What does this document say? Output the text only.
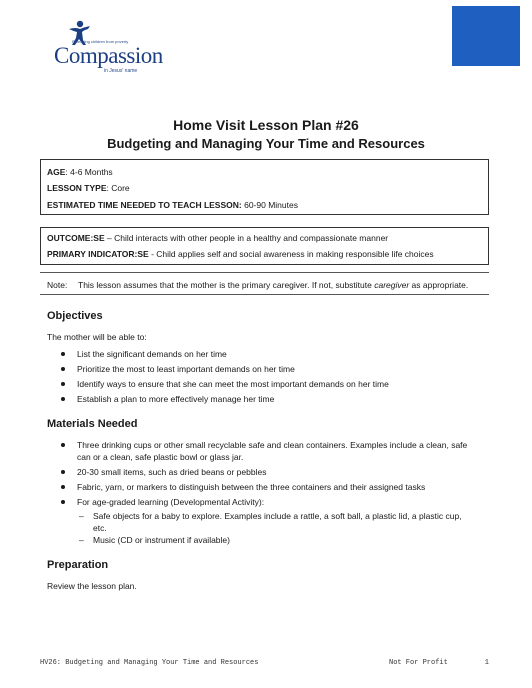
Releasing children from poverty
Compassion
in Jesus' name
Home Visit Lesson Plan #26
Budgeting and Managing Your Time and Resources
AGE: 4-6 Months
LESSON TYPE: Core
ESTIMATED TIME NEEDED TO TEACH LESSON: 60-90 Minutes
OUTCOME:SE – Child interacts with other people in a healthy and compassionate manner
PRIMARY INDICATOR:SE - Child applies self and social awareness in making responsible life choices
Note: This lesson assumes that the mother is the primary caregiver. If not, substitute caregiver as appropriate.
Objectives
The mother will be able to:
List the significant demands on her time
Prioritize the most to least important demands on her time
Identify ways to ensure that she can meet the most important demands on her time
Establish a plan to more effectively manage her time
Materials Needed
Three drinking cups or other small recyclable safe and clean containers. Examples include a clean, safe
can or a clean, safe plastic bowl or glass jar.
20-30 small items, such as dried beans or pebbles
Fabric, yarn, or markers to distinguish between the three containers and their assigned tasks
For age-graded learning (Developmental Activity):
– Safe objects for a baby to explore. Examples include a rattle, a soft ball, a plastic lid, a plastic cup,
etc.
– Music (CD or instrument if available)
Preparation
Review the lesson plan.
HV26: Budgeting and Managing Your Time and Resources	Not For Profit	1
